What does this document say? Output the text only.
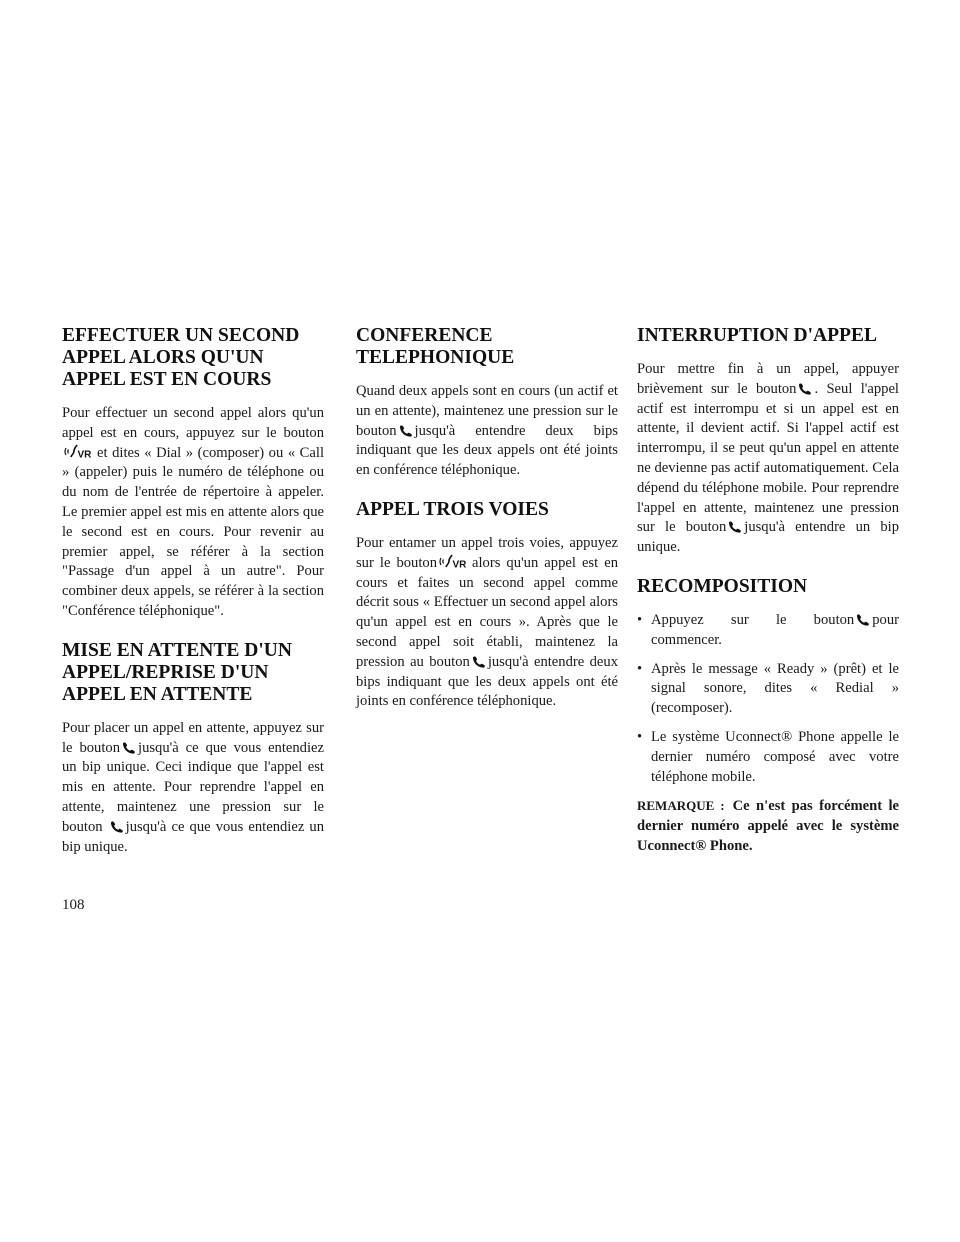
EFFECTUER UN SECOND APPEL ALORS QU'UN APPEL EST EN COURS

Pour effectuer un second appel alors qu'un appel est en cours, appuyez sur le boutonet dites « Dial » (composer) ou « Call » (appeler) puis le numéro de téléphone ou du nom de l'entrée de répertoire à appeler. Le premier appel est mis en attente alors que le second est en cours. Pour revenir au premier appel, se référer à la section "Passage d'un appel à un autre". Pour combiner deux appels, se référer à la section "Conférence téléphonique".

MISE EN ATTENTE D'UN APPEL/REPRISE D'UN APPEL EN ATTENTE

Pour placer un appel en attente, appuyez sur le bouton jusqu'à ce que vous entendiez un bip unique. Ceci indique que l'appel est mis en attente. Pour reprendre l'appel en attente, maintenez une pression sur le bouton jusqu'à ce que vous entendiez un bip unique.

CONFERENCE TELEPHONIQUE

Quand deux appels sont en cours (un actif et un en attente), maintenez une pression sur le bouton jusqu'à entendre deux bips indiquant que les deux appels ont été joints en conférence téléphonique.

APPEL TROIS VOIES

Pour entamer un appel trois voies, appuyez sur le bouton alors qu'un appel est en cours et faites un second appel comme décrit sous « Effectuer un second appel alors qu'un appel est en cours ». Après que le second appel soit établi, maintenez la pression au bouton jusqu'à entendre deux bips indiquant que les deux appels ont été joints en conférence téléphonique.

INTERRUPTION D'APPEL

Pour mettre fin à un appel, appuyer brièvement sur le bouton . Seul l'appel actif est interrompu et si un appel est en attente, il devient actif. Si l'appel actif est interrompu, il se peut qu'un appel en attente ne devienne pas actif automatiquement. Cela dépend du téléphone mobile. Pour reprendre l'appel en attente, maintenez une pression sur le bouton jusqu'à entendre un bip unique.

RECOMPOSITION
• Appuyez sur le bouton pour commencer.
• Après le message « Ready » (prêt) et le signal sonore, dites « Redial » (recomposer).
• Le système Uconnect® Phone appelle le dernier numéro composé avec votre téléphone mobile.

REMARQUE : Ce n'est pas forcément le dernier numéro appelé avec le système Uconnect® Phone.

108
